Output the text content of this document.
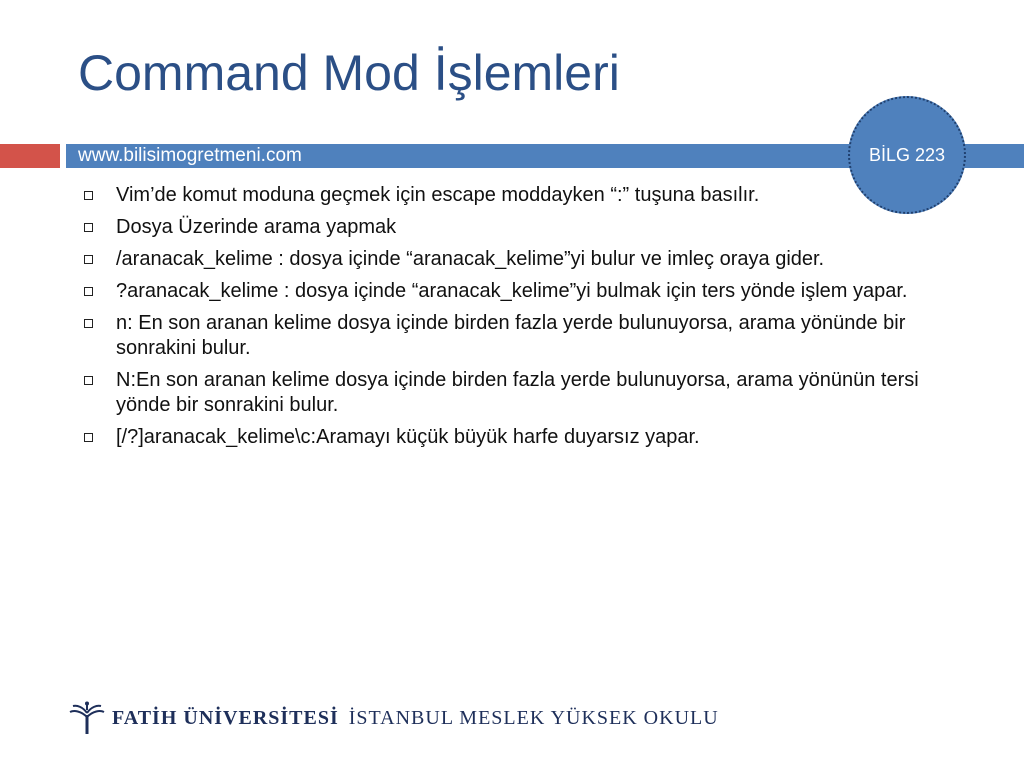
Command Mod İşlemleri
www.bilisimogretmeni.com	BİLG 223
Vim’de komut moduna geçmek için escape moddayken “:” tuşuna basılır.
Dosya Üzerinde arama yapmak
/aranacak_kelime : dosya içinde “aranacak_kelime”yi bulur ve imleç oraya gider.
?aranacak_kelime : dosya içinde “aranacak_kelime”yi bulmak için ters yönde işlem yapar.
n: En son aranan kelime dosya içinde birden fazla yerde bulunuyorsa, arama yönünde bir sonrakini bulur.
N:En son aranan kelime dosya içinde birden fazla yerde bulunuyorsa, arama yönünün tersi yönde bir sonrakini bulur.
[/?]aranacak_kelime\c:Aramayı küçük büyük harfe duyarsız yapar.
FATİH ÜNİVERSİTESİ İSTANBUL MESLEK YÜKSEK OKULU
